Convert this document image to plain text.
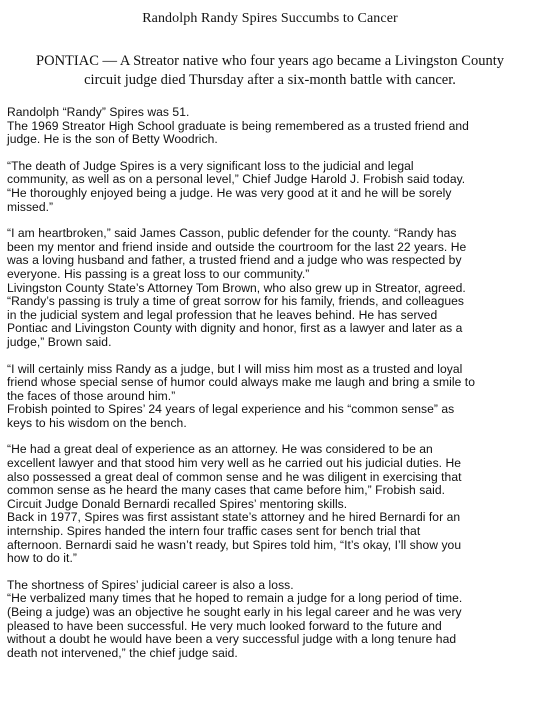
Randolph Randy Spires Succumbs to Cancer
PONTIAC — A Streator native who four years ago became a Livingston County
circuit judge died Thursday after a six-month battle with cancer.
Randolph “Randy” Spires was 51.
The 1969 Streator High School graduate is being remembered as a trusted friend and
judge. He is the son of Betty Woodrich.
“The death of Judge Spires is a very significant loss to the judicial and legal
community, as well as on a personal level,” Chief Judge Harold J. Frobish said today.
“He thoroughly enjoyed being a judge. He was very good at it and he will be sorely
missed.”
“I am heartbroken,” said James Casson, public defender for the county. “Randy has
been my mentor and friend inside and outside the courtroom for the last 22 years. He
was a loving husband and father, a trusted friend and a judge who was respected by
everyone. His passing is a great loss to our community.”
Livingston County State’s Attorney Tom Brown, who also grew up in Streator, agreed.
“Randy’s passing is truly a time of great sorrow for his family, friends, and colleagues
in the judicial system and legal profession that he leaves behind. He has served
Pontiac and Livingston County with dignity and honor, first as a lawyer and later as a
judge,” Brown said.
“I will certainly miss Randy as a judge, but I will miss him most as a trusted and loyal
friend whose special sense of humor could always make me laugh and bring a smile to
the faces of those around him.”
Frobish pointed to Spires’ 24 years of legal experience and his “common sense” as
keys to his wisdom on the bench.
“He had a great deal of experience as an attorney. He was considered to be an
excellent lawyer and that stood him very well as he carried out his judicial duties. He
also possessed a great deal of common sense and he was diligent in exercising that
common sense as he heard the many cases that came before him,” Frobish said.
Circuit Judge Donald Bernardi recalled Spires’ mentoring skills.
Back in 1977, Spires was first assistant state’s attorney and he hired Bernardi for an
internship. Spires handed the intern four traffic cases sent for bench trial that
afternoon. Bernardi said he wasn’t ready, but Spires told him, “It’s okay, I’ll show you
how to do it.”
The shortness of Spires’ judicial career is also a loss.
“He verbalized many times that he hoped to remain a judge for a long period of time.
(Being a judge) was an objective he sought early in his legal career and he was very
pleased to have been successful. He very much looked forward to the future and
without a doubt he would have been a very successful judge with a long tenure had
death not intervened,” the chief judge said.
